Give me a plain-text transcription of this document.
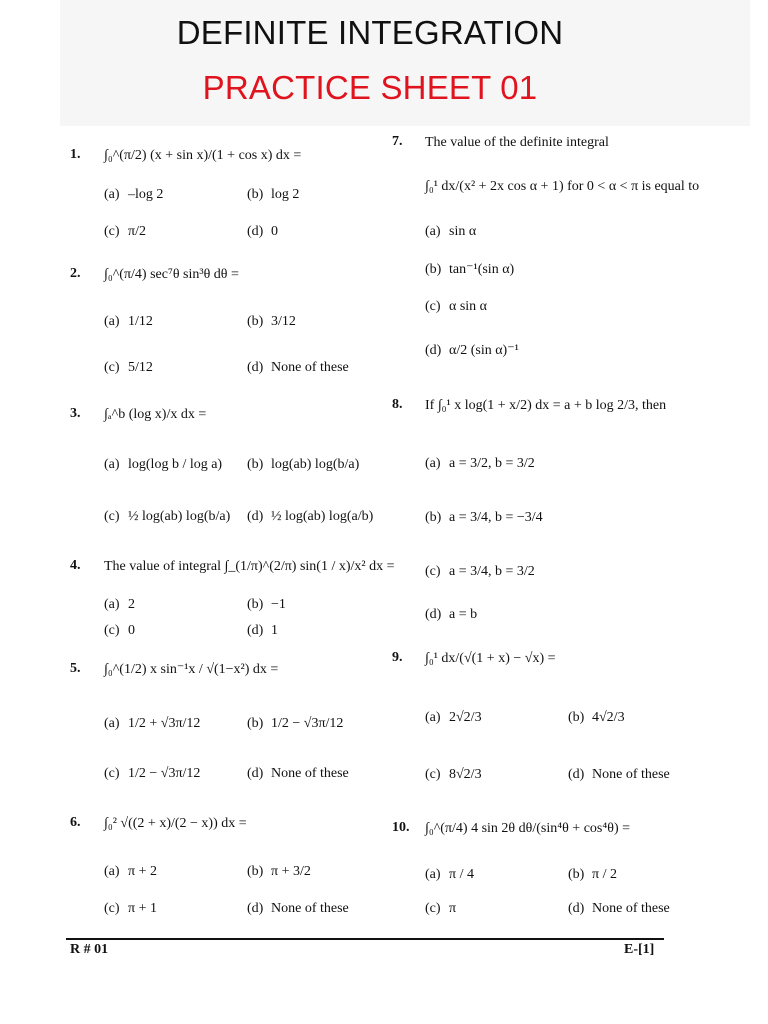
DEFINITE INTEGRATION
PRACTICE SHEET 01
1. ∫₀^(π/2) (x + sin x)/(1 + cos x) dx =
(a) –log 2	(b) log 2
(c) π/2	(d) 0
2. ∫₀^(π/4) sec⁷θ sin³θ dθ =
(a) 1/12	(b) 3/12
(c) 5/12	(d) None of these
3. ∫ₐ^b (log x)/x dx =
(a) log(log b / log a) (b) log(ab) log(b/a)
(c) ½ log(ab) log(b/a) (d) ½ log(ab) log(a/b)
4. The value of integral ∫_(1/π)^(2/π) sin(1 / x)/x² dx =
(a) 2	(b) −1
(c) 0	(d) 1
5. ∫₀^(1/2) x sin⁻¹x / √(1−x²) dx =
(a) 1/2 + √3π/12	(b) 1/2 − √3π/12
(c) 1/2 − √3π/12	(d) None of these
6. ∫₀² √((2 + x)/(2 − x)) dx =
(a) π + 2	(b) π + 3/2
(c) π + 1	(d) None of these
7. The value of the definite integral
∫₀¹ dx/(x² + 2x cos α + 1) for 0 < α < π is equal to
(a) sin α
(b) tan⁻¹(sin α)
(c) α sin α
(d) α/2 (sin α)⁻¹
8. If ∫₀¹ x log(1 + x/2) dx = a + b log 2/3, then
(a) a = 3/2, b = 3/2
(b) a = 3/4, b = −3/4
(c) a = 3/4, b = 3/2
(d) a = b
9. ∫₀¹ dx/(√(1 + x) − √x) =
(a) 2√2/3	(b) 4√2/3
(c) 8√2/3	(d) None of these
10. ∫₀^(π/4) 4 sin 2θ dθ/(sin⁴θ + cos⁴θ) =
(a) π / 4	(b) π / 2
(c) π	(d) None of these
R # 01	E-[1]
